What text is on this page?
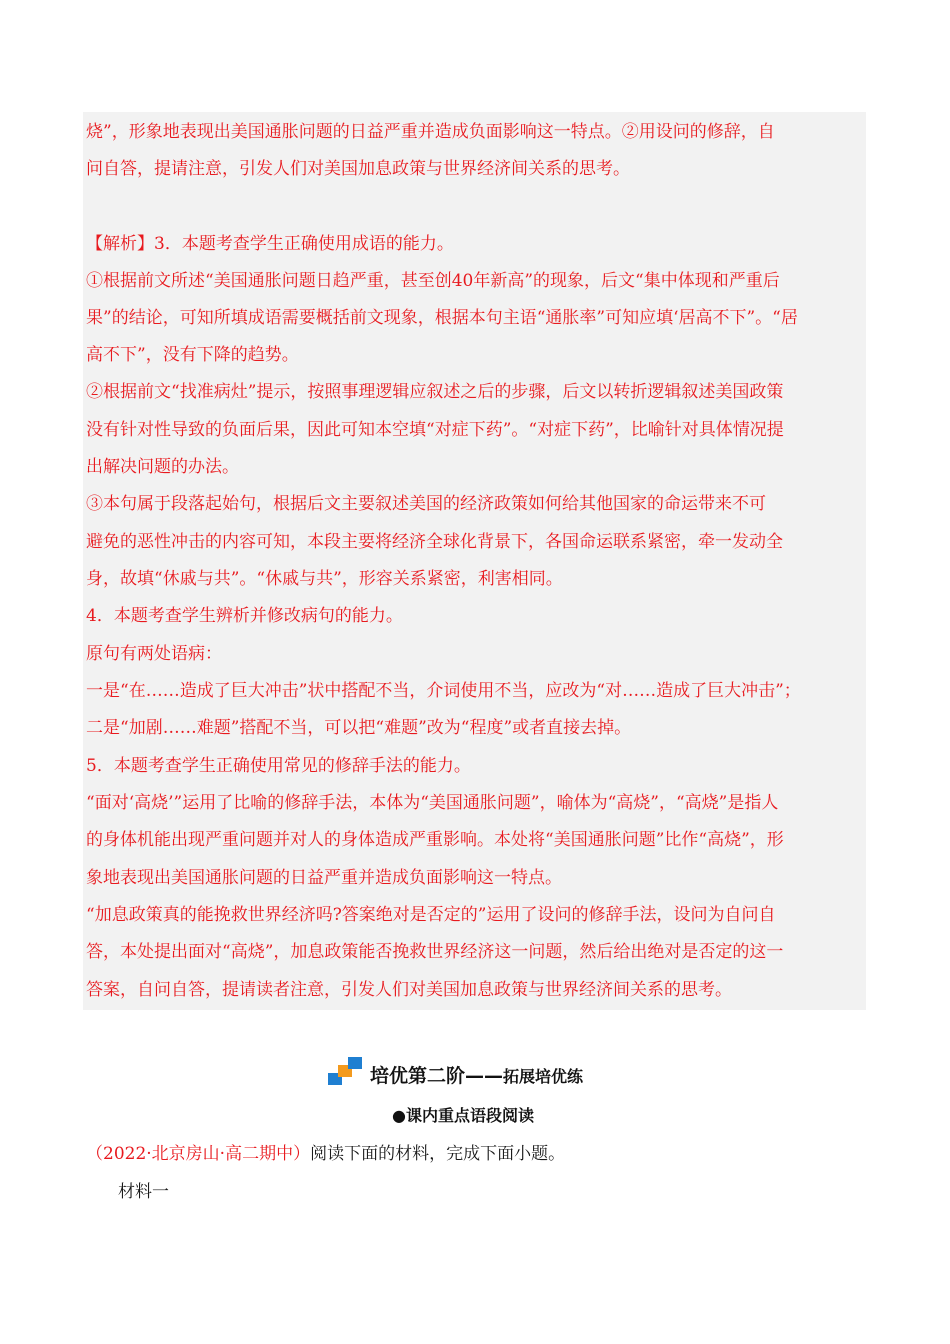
烧”，形象地表现出美国通胀问题的日益严重并造成负面影响这一特点。②用设问的修辞，自
问自答，提请注意，引发人们对美国加息政策与世界经济间关系的思考。
【解析】3．本题考查学生正确使用成语的能力。
①根据前文所述“美国通胀问题日趋严重，甚至创40年新高”的现象，后文“集中体现和严重后
果”的结论，可知所填成语需要概括前文现象，根据本句主语“通胀率”可知应填‘居高不下”。“居
高不下”，没有下降的趋势。
②根据前文“找准病灶”提示，按照事理逻辑应叙述之后的步骤，后文以转折逻辑叙述美国政策
没有针对性导致的负面后果，因此可知本空填“对症下药”。“对症下药”，比喻针对具体情况提
出解决问题的办法。
③本句属于段落起始句，根据后文主要叙述美国的经济政策如何给其他国家的命运带来不可
避免的恶性冲击的内容可知，本段主要将经济全球化背景下，各国命运联系紧密，牵一发动全
身，故填“休戚与共”。“休戚与共”，形容关系紧密，利害相同。
4．本题考查学生辨析并修改病句的能力。
原句有两处语病：
一是“在……造成了巨大冲击”状中搭配不当，介词使用不当，应改为“对……造成了巨大冲击”；
二是“加剧……难题”搭配不当，可以把“难题”改为“程度”或者直接去掉。
5．本题考查学生正确使用常见的修辞手法的能力。
“面对‘高烧’”运用了比喻的修辞手法，本体为“美国通胀问题”，喻体为“高烧”，“高烧”是指人
的身体机能出现严重问题并对人的身体造成严重影响。本处将“美国通胀问题”比作“高烧”，形
象地表现出美国通胀问题的日益严重并造成负面影响这一特点。
“加息政策真的能挽救世界经济吗?答案绝对是否定的”运用了设问的修辞手法，设问为自问自
答，本处提出面对“高烧”，加息政策能否挽救世界经济这一问题，然后给出绝对是否定的这一
答案，自问自答，提请读者注意，引发人们对美国加息政策与世界经济间关系的思考。
培优第二阶——拓展培优练
●课内重点语段阅读
（2022·北京房山·高二期中）阅读下面的材料，完成下面小题。
材料一
